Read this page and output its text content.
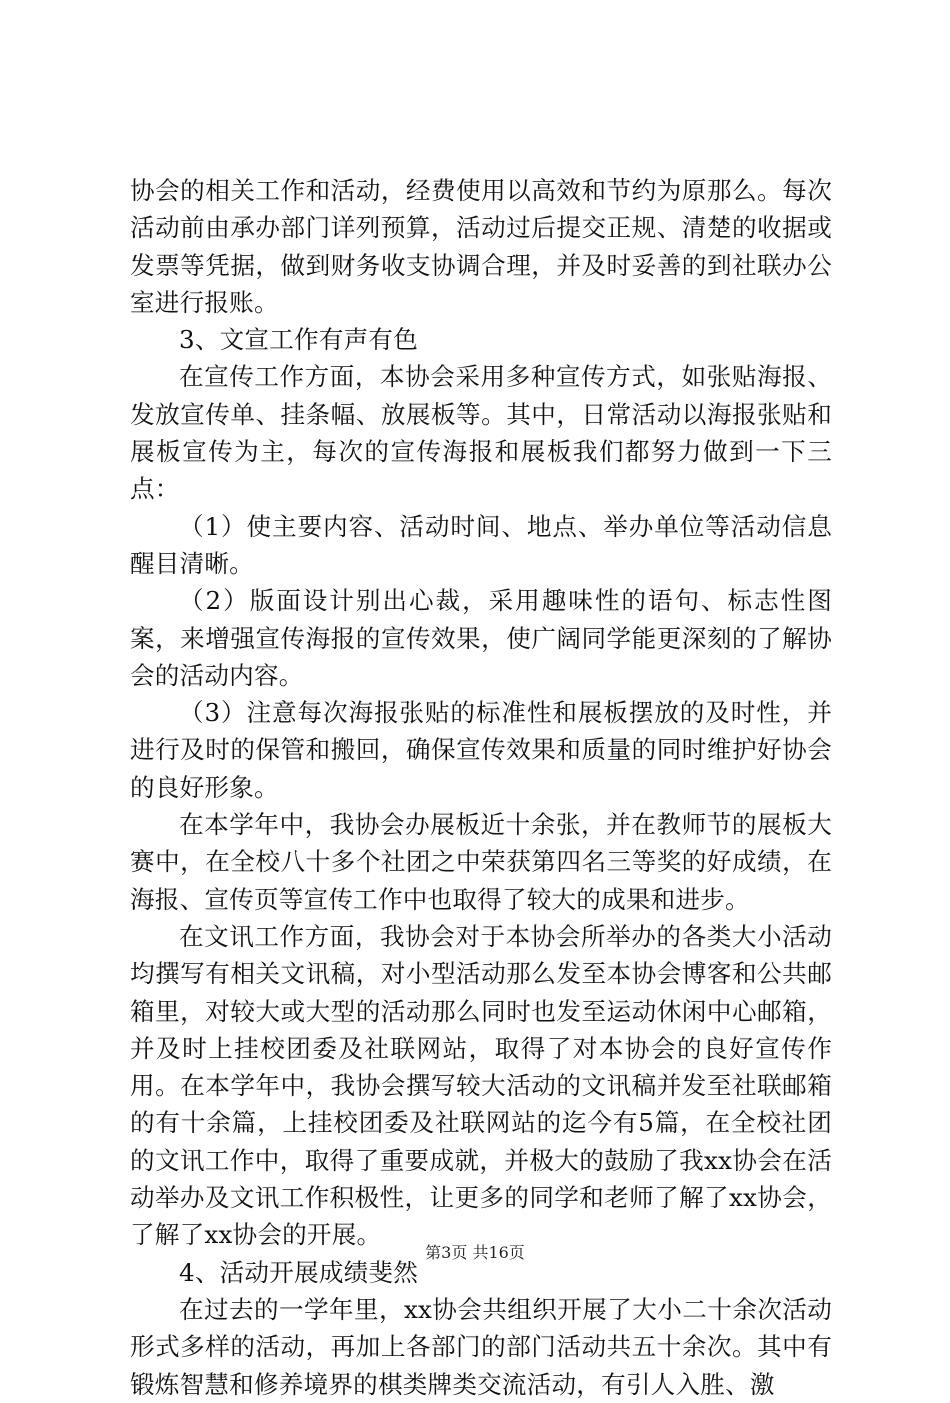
协会的相关工作和活动，经费使用以高效和节约为原那么。每次活动前由承办部门详列预算，活动过后提交正规、清楚的收据或发票等凭据，做到财务收支协调合理，并及时妥善的到社联办公室进行报账。

3、文宣工作有声有色

在宣传工作方面，本协会采用多种宣传方式，如张贴海报、发放宣传单、挂条幅、放展板等。其中，日常活动以海报张贴和展板宣传为主，每次的宣传海报和展板我们都努力做到一下三点：

（1）使主要内容、活动时间、地点、举办单位等活动信息醒目清晰。

（2）版面设计别出心裁，采用趣味性的语句、标志性图案，来增强宣传海报的宣传效果，使广阔同学能更深刻的了解协会的活动内容。

（3）注意每次海报张贴的标准性和展板摆放的及时性，并进行及时的保管和搬回，确保宣传效果和质量的同时维护好协会的良好形象。

在本学年中，我协会办展板近十余张，并在教师节的展板大赛中，在全校八十多个社团之中荣获第四名三等奖的好成绩，在海报、宣传页等宣传工作中也取得了较大的成果和进步。

在文讯工作方面，我协会对于本协会所举办的各类大小活动均撰写有相关文讯稿，对小型活动那么发至本协会博客和公共邮箱里，对较大或大型的活动那么同时也发至运动休闲中心邮箱，并及时上挂校团委及社联网站，取得了对本协会的良好宣传作用。在本学年中，我协会撰写较大活动的文讯稿并发至社联邮箱的有十余篇，上挂校团委及社联网站的迄今有5篇，在全校社团的文讯工作中，取得了重要成就，并极大的鼓励了我xx协会在活动举办及文讯工作积极性，让更多的同学和老师了解了xx协会，了解了xx协会的开展。

4、活动开展成绩斐然

在过去的一学年里，xx协会共组织开展了大小二十余次活动形式多样的活动，再加上各部门的部门活动共五十余次。其中有锻炼智慧和修养境界的棋类牌类交流活动，有引人入胜、激

第3页 共16页
